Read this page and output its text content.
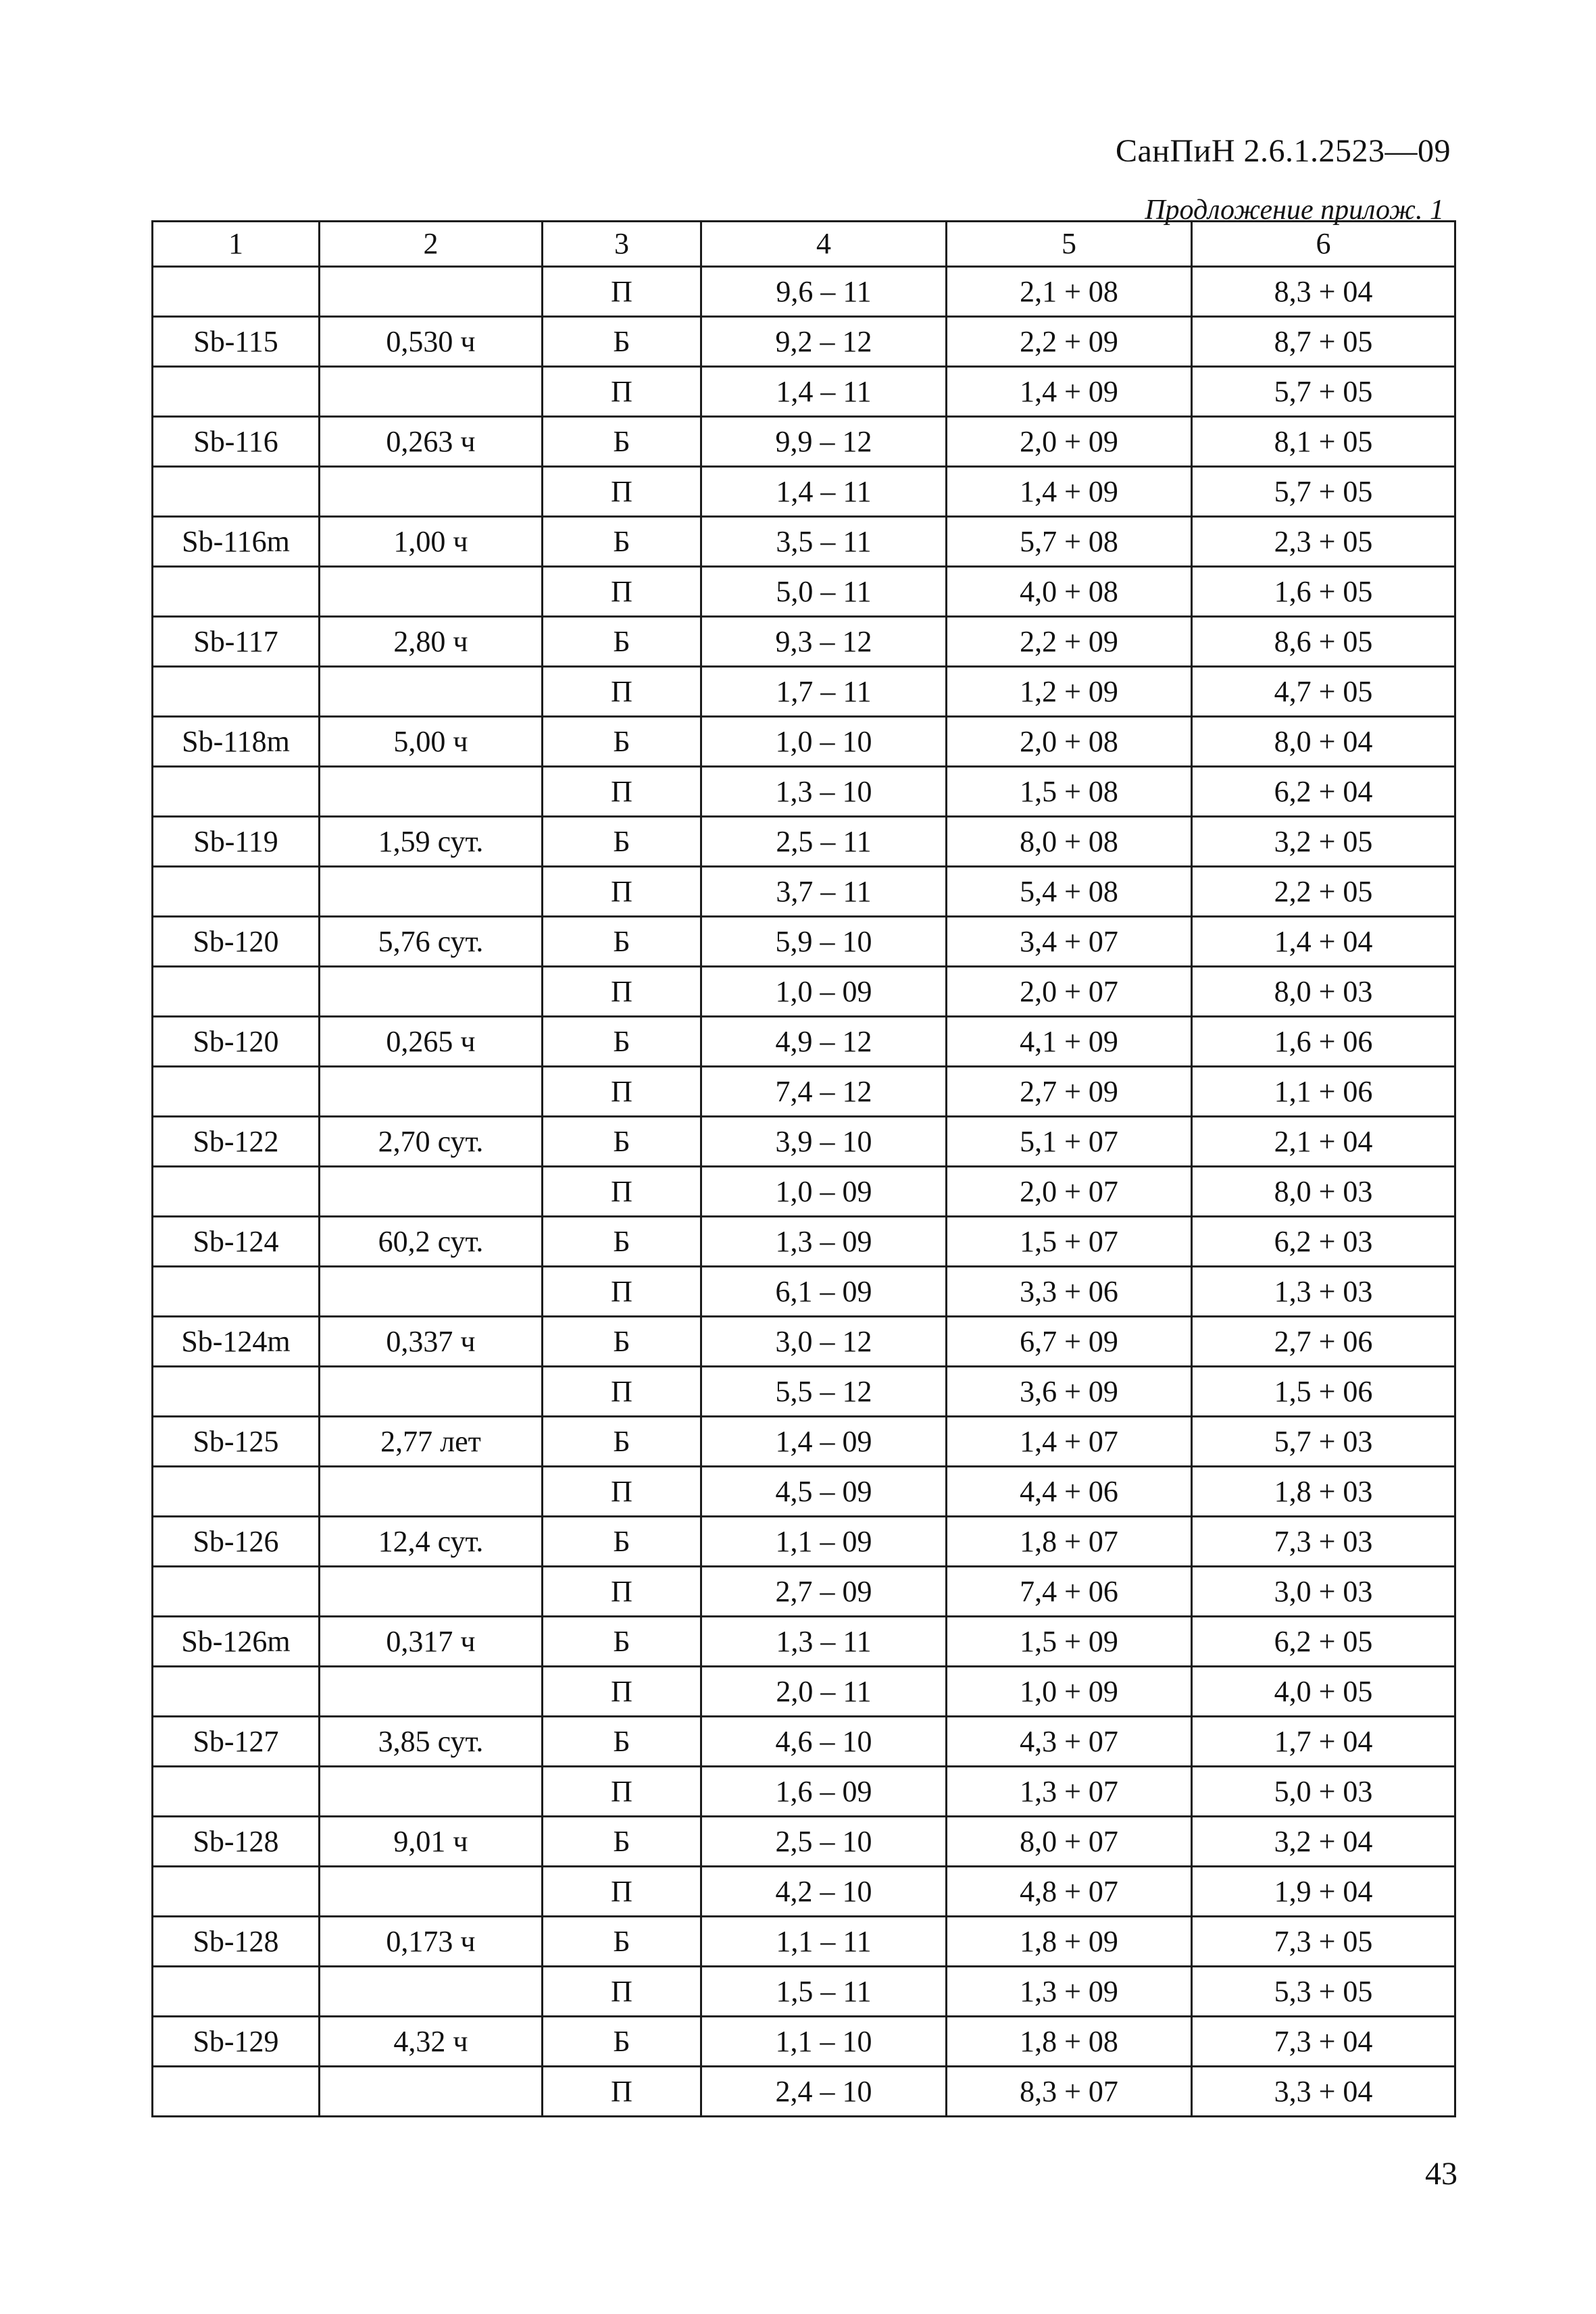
СанПиН 2.6.1.2523—09
Продложение прилож. 1
1	2	3	4	5	6
		П	9,6 – 11	2,1 + 08	8,3 + 04
Sb-115	0,530 ч	Б	9,2 – 12	2,2 + 09	8,7 + 05
		П	1,4 – 11	1,4 + 09	5,7 + 05
Sb-116	0,263 ч	Б	9,9 – 12	2,0 + 09	8,1 + 05
		П	1,4 – 11	1,4 + 09	5,7 + 05
Sb-116m	1,00 ч	Б	3,5 – 11	5,7 + 08	2,3 + 05
		П	5,0 – 11	4,0 + 08	1,6 + 05
Sb-117	2,80 ч	Б	9,3 – 12	2,2 + 09	8,6 + 05
		П	1,7 – 11	1,2 + 09	4,7 + 05
Sb-118m	5,00 ч	Б	1,0 – 10	2,0 + 08	8,0 + 04
		П	1,3 – 10	1,5 + 08	6,2 + 04
Sb-119	1,59 сут.	Б	2,5 – 11	8,0 + 08	3,2 + 05
		П	3,7 – 11	5,4 + 08	2,2 + 05
Sb-120	5,76 сут.	Б	5,9 – 10	3,4 + 07	1,4 + 04
		П	1,0 – 09	2,0 + 07	8,0 + 03
Sb-120	0,265 ч	Б	4,9 – 12	4,1 + 09	1,6 + 06
		П	7,4 – 12	2,7 + 09	1,1 + 06
Sb-122	2,70 сут.	Б	3,9 – 10	5,1 + 07	2,1 + 04
		П	1,0 – 09	2,0 + 07	8,0 + 03
Sb-124	60,2 сут.	Б	1,3 – 09	1,5 + 07	6,2 + 03
		П	6,1 – 09	3,3 + 06	1,3 + 03
Sb-124m	0,337 ч	Б	3,0 – 12	6,7 + 09	2,7 + 06
		П	5,5 – 12	3,6 + 09	1,5 + 06
Sb-125	2,77 лет	Б	1,4 – 09	1,4 + 07	5,7 + 03
		П	4,5 – 09	4,4 + 06	1,8 + 03
Sb-126	12,4 сут.	Б	1,1 – 09	1,8 + 07	7,3 + 03
		П	2,7 – 09	7,4 + 06	3,0 + 03
Sb-126m	0,317 ч	Б	1,3 – 11	1,5 + 09	6,2 + 05
		П	2,0 – 11	1,0 + 09	4,0 + 05
Sb-127	3,85 сут.	Б	4,6 – 10	4,3 + 07	1,7 + 04
		П	1,6 – 09	1,3 + 07	5,0 + 03
Sb-128	9,01 ч	Б	2,5 – 10	8,0 + 07	3,2 + 04
		П	4,2 – 10	4,8 + 07	1,9 + 04
Sb-128	0,173 ч	Б	1,1 – 11	1,8 + 09	7,3 + 05
		П	1,5 – 11	1,3 + 09	5,3 + 05
Sb-129	4,32 ч	Б	1,1 – 10	1,8 + 08	7,3 + 04
		П	2,4 – 10	8,3 + 07	3,3 + 04
43
